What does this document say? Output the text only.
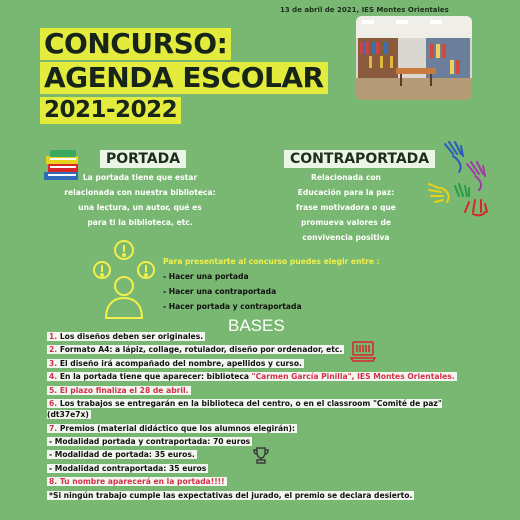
13 de abril de 2021, IES Montes Orientales
CONCURSO:
AGENDA ESCOLAR
2021-2022
PORTADA
La portada tiene que estar
relacionada con nuestra biblioteca:
una lectura, un autor, qué es
para ti la biblioteca, etc.
CONTRAPORTADA
Relacionada con
Educación para la paz:
frase motivadora o que
promueva valores de
convivencia positiva
Para presentarte al concurso puedes elegir entre :
- Hacer una portada
- Hacer una contraportada
- Hacer portada y contraportada
BASES
1. Los diseños deben ser originales.
2. Formato A4: a lápiz, collage, rotulador, diseño por ordenador, etc.
3. El diseño irá acompañado del nombre, apellidos y curso.
4. En la portada tiene que aparecer: biblioteca "Carmen García Pinilla", IES Montes Orientales.
5. El plazo finaliza el 28 de abril.
6. Los trabajos se entregarán en la biblioteca del centro, o en el classroom "Comité de paz" (dt37e7x)
7. Premios (material didáctico que los alumnos elegirán):
- Modalidad portada y contraportada: 70 euros
- Modalidad de portada: 35 euros.
- Modalidad contraportada: 35 euros
8. Tu nombre aparecerá en la portada!!!!
*Si ningún trabajo cumple las expectativas del jurado, el premio se declara desierto.
